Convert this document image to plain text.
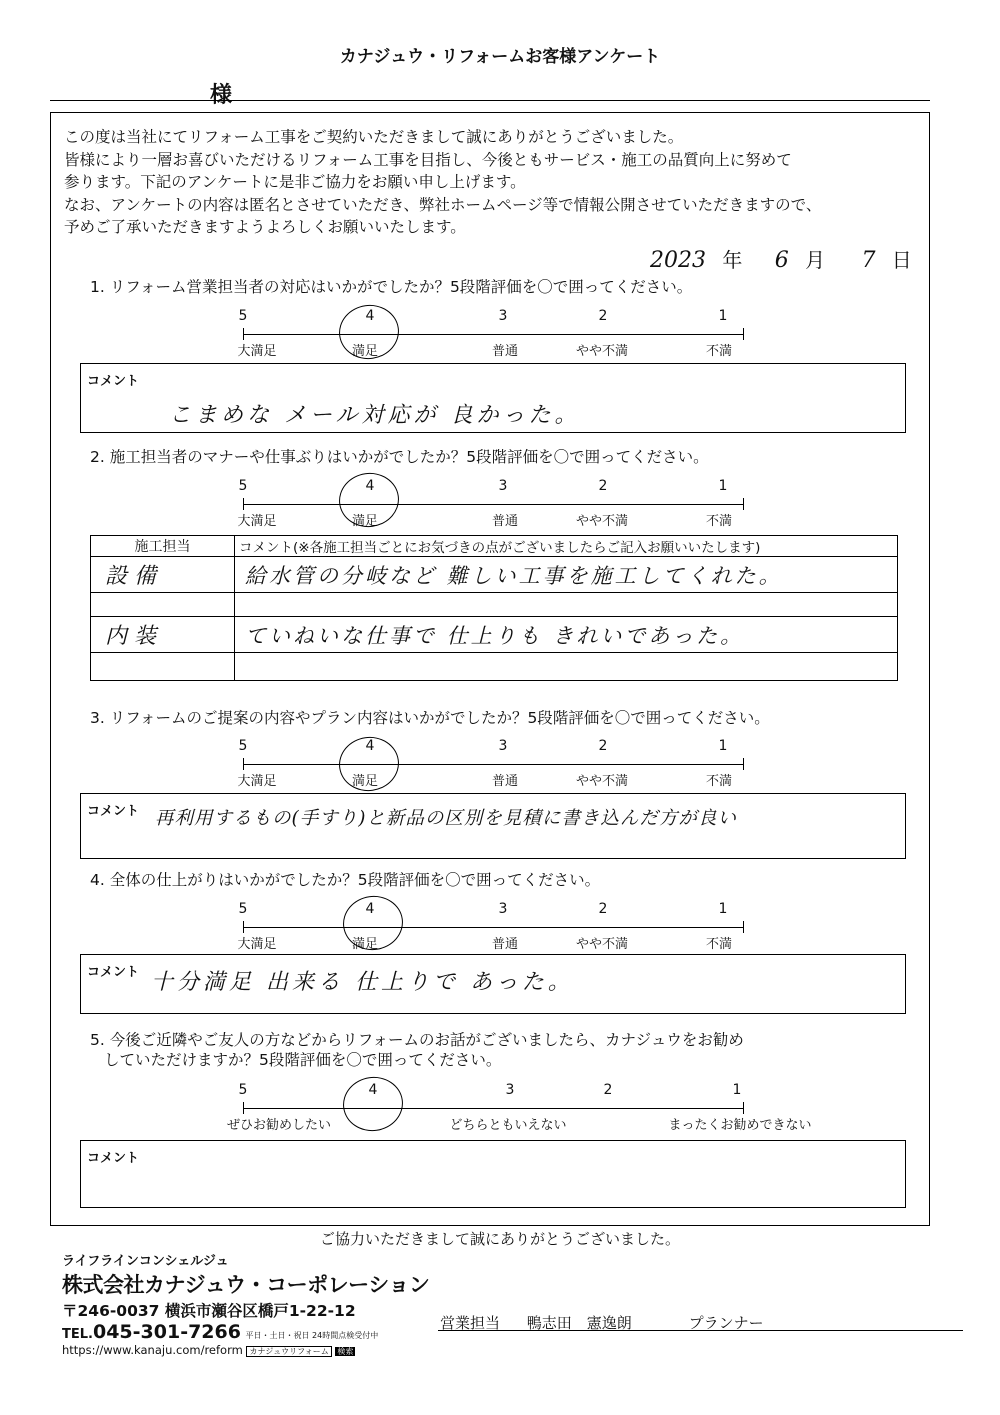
カナジュウ・リフォームお客様アンケート
様
この度は当社にてリフォーム工事をご契約いただきまして誠にありがとうございました。
皆様により一層お喜びいただけるリフォーム工事を目指し、今後ともサービス・施工の品質向上に努めて
参ります。下記のアンケートに是非ご協力をお願い申し上げます。
なお、アンケートの内容は匿名とさせていただき、弊社ホームページ等で情報公開させていただきますので、
予めご了承いただきますようよろしくお願いいたします。
2023 年 6 月 7 日
1. リフォーム営業担当者の対応はいかがでしたか？5段階評価を〇で囲ってください。
5	4	3	2	1
大満足	満足	普通	やや不満	不満
コメント
こまめな メール対応が 良かった。
2. 施工担当者のマナーや仕事ぶりはいかがでしたか？5段階評価を〇で囲ってください。
5	4	3	2	1
大満足	満足	普通	やや不満	不満
施工担当	コメント(※各施工担当ごとにお気づきの点がございましたらご記入お願いいたします)
設 備	給水管の分岐など 難しい工事を施工してくれた。

内 装	ていねいな仕事で 仕上りも きれいであった。

3. リフォームのご提案の内容やプラン内容はいかがでしたか？5段階評価を〇で囲ってください。
5	4	3	2	1
大満足	満足	普通	やや不満	不満
コメント 再利用するもの(手すり)と新品の区別を見積に書き込んだ方が良い
4. 全体の仕上がりはいかがでしたか？5段階評価を〇で囲ってください。
5	4	3	2	1
大満足	満足	普通	やや不満	不満
コメント 十分満足 出来る 仕上りで あった。
5. 今後ご近隣やご友人の方などからリフォームのお話がございましたら、カナジュウをお勧め
していただけますか？5段階評価を〇で囲ってください。
5	4	3	2	1
ぜひお勧めしたい	どちらともいえない	まったくお勧めできない
コメント
ご協力いただきまして誠にありがとうございました。
ライフラインコンシェルジュ
株式会社カナジュウ・コーポレーション
〒246-0037 横浜市瀬谷区橋戸1-22-12
TEL.045-301-7266 平日・土日・祝日 24時間点検受付中
https://www.kanaju.com/reform カナジュウリフォーム 検索
営業担当 鴨志田　憲逸朗	プランナー
